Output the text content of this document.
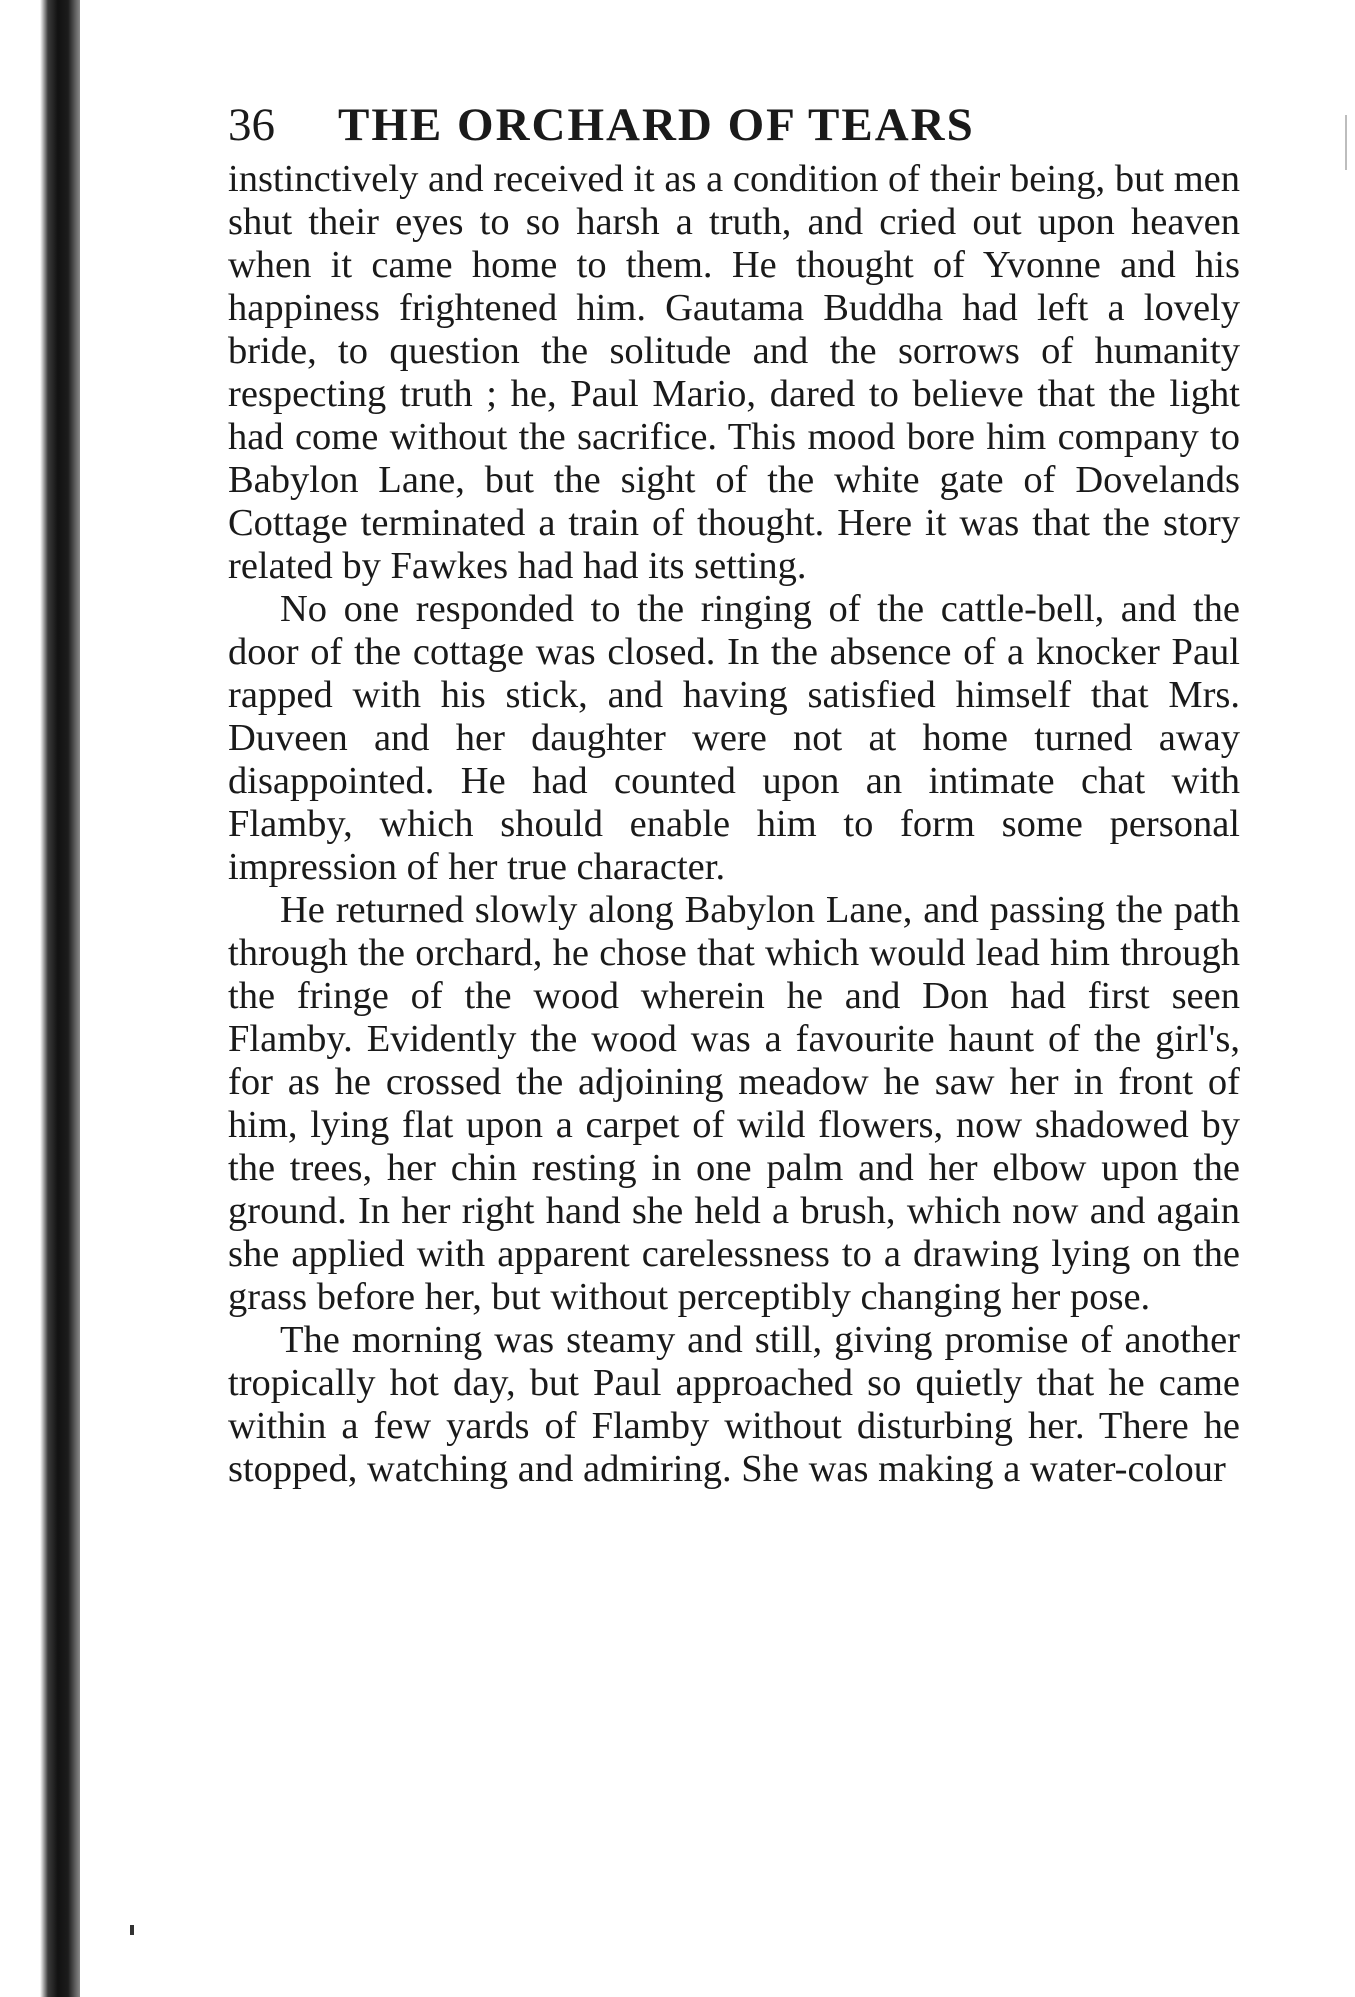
36	THE ORCHARD OF TEARS

instinctively and received it as a condition of their being, but men shut their eyes to so harsh a truth, and cried out upon heaven when it came home to them. He thought of Yvonne and his happiness frightened him. Gautama Buddha had left a lovely bride, to question the solitude and the sorrows of humanity respecting truth ; he, Paul Mario, dared to believe that the light had come without the sacrifice. This mood bore him company to Babylon Lane, but the sight of the white gate of Dovelands Cottage terminated a train of thought. Here it was that the story related by Fawkes had had its setting.

No one responded to the ringing of the cattle-bell, and the door of the cottage was closed. In the absence of a knocker Paul rapped with his stick, and having satisfied himself that Mrs. Duveen and her daughter were not at home turned away disappointed. He had counted upon an intimate chat with Flamby, which should enable him to form some personal impression of her true character.

He returned slowly along Babylon Lane, and passing the path through the orchard, he chose that which would lead him through the fringe of the wood wherein he and Don had first seen Flamby. Evidently the wood was a favourite haunt of the girl's, for as he crossed the adjoining meadow he saw her in front of him, lying flat upon a carpet of wild flowers, now shadowed by the trees, her chin resting in one palm and her elbow upon the ground. In her right hand she held a brush, which now and again she applied with apparent carelessness to a drawing lying on the grass before her, but without perceptibly changing her pose.

The morning was steamy and still, giving promise of another tropically hot day, but Paul approached so quietly that he came within a few yards of Flamby without disturbing her. There he stopped, watching and admiring. She was making a water-colour
